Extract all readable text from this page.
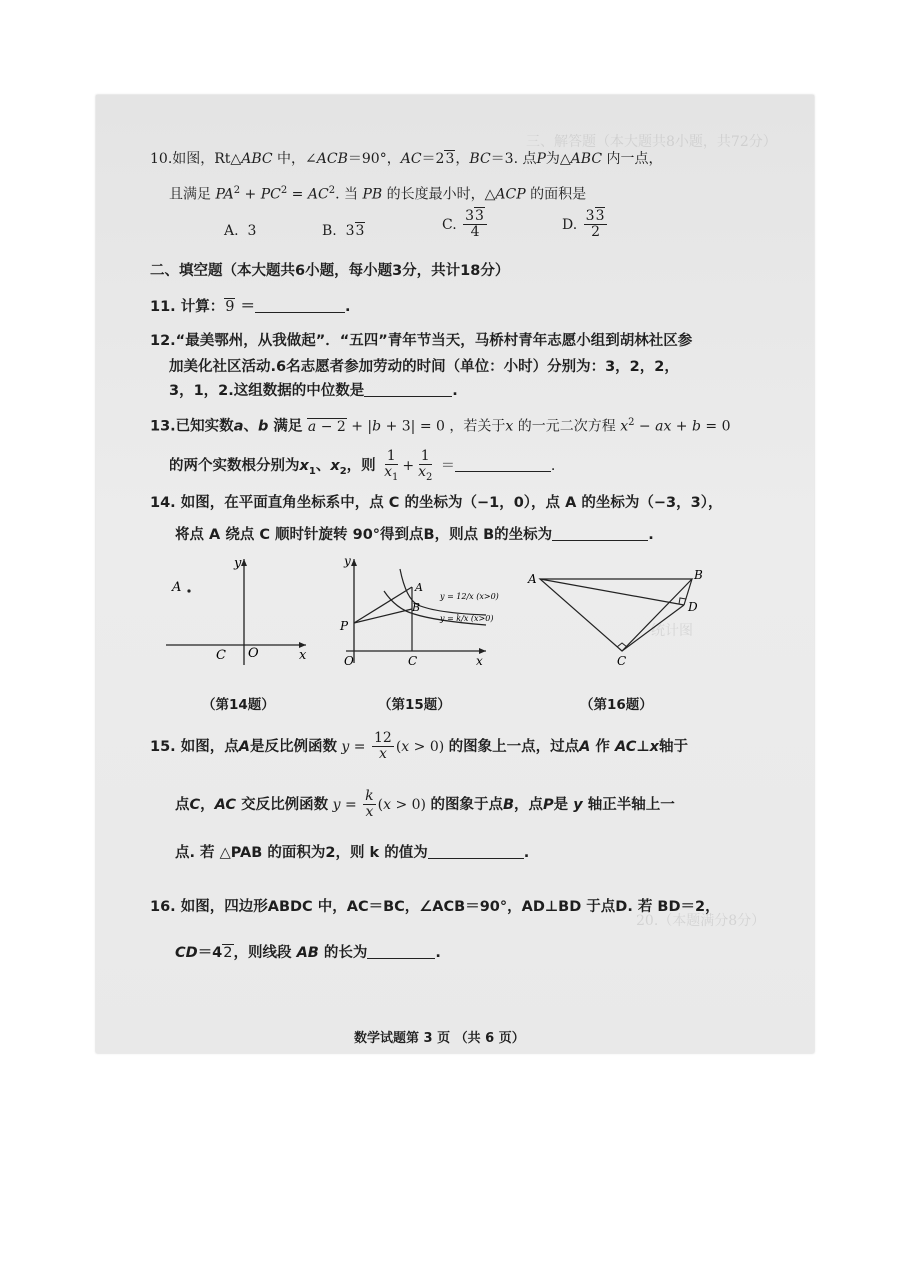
三、解答题（本大题共8小题，共72分）
统计图
20.（本题满分8分）
10.如图，Rt△ABC 中，∠ACB＝90°，AC＝23，BC＝3. 点P为△ABC 内一点，
且满足 $PA^2 + PC^2 = AC^2$. 当 PB 的长度最小时，△ACP 的面积是
A.  3	B.  33	C. $\frac{33}{4}$	D. $\frac{33}{2}$
二、填空题（本大题共6小题，每小题3分，共计18分）
11. 计算：9 ＝	.
12.“最美鄂州，从我做起”．“五四”青年节当天，马桥村青年志愿小组到胡林社区参
加美化社区活动.6名志愿者参加劳动的时间（单位：小时）分别为：3，2，2，
3，1，2.这组数据的中位数是	.
13.已知实数a、b 满足 a − 2 + |b + 3| = 0 ，若关于x 的一元二次方程 $x^2$ − ax + b = 0
的两个实数根分别为$x_1$、$x_2$，则 $\frac{1}{x_1} + \frac{1}{x_2}$ ＝	.
14. 如图，在平面直角坐标系中，点 C 的坐标为（−1，0），点 A 的坐标为（−3，3），
将点 A 绕点 C 顺时针旋转 90°得到点B，则点 B的坐标为	.
y
x
C O
A
y
x
O
P
A
B
C
y = 12/x (x>0)
y = k/x (x>0)
A	B
D
C
（第14题）	（第15题）	（第16题）
15. 如图，点A是反比例函数 $y = \frac{12}{x} (x > 0)$ 的图象上一点，过点A 作 AC⊥x轴于
点C，AC 交反比例函数 $y = \frac{k}{x} (x > 0)$ 的图象于点B，点P是 y 轴正半轴上一
点. 若 △PAB 的面积为2，则 k 的值为	.
16. 如图，四边形ABDC 中，AC＝BC，∠ACB＝90°，AD⊥BD 于点D. 若 BD＝2，
CD＝42，则线段 AB 的长为	.
数学试题第 3 页 （共 6 页）
